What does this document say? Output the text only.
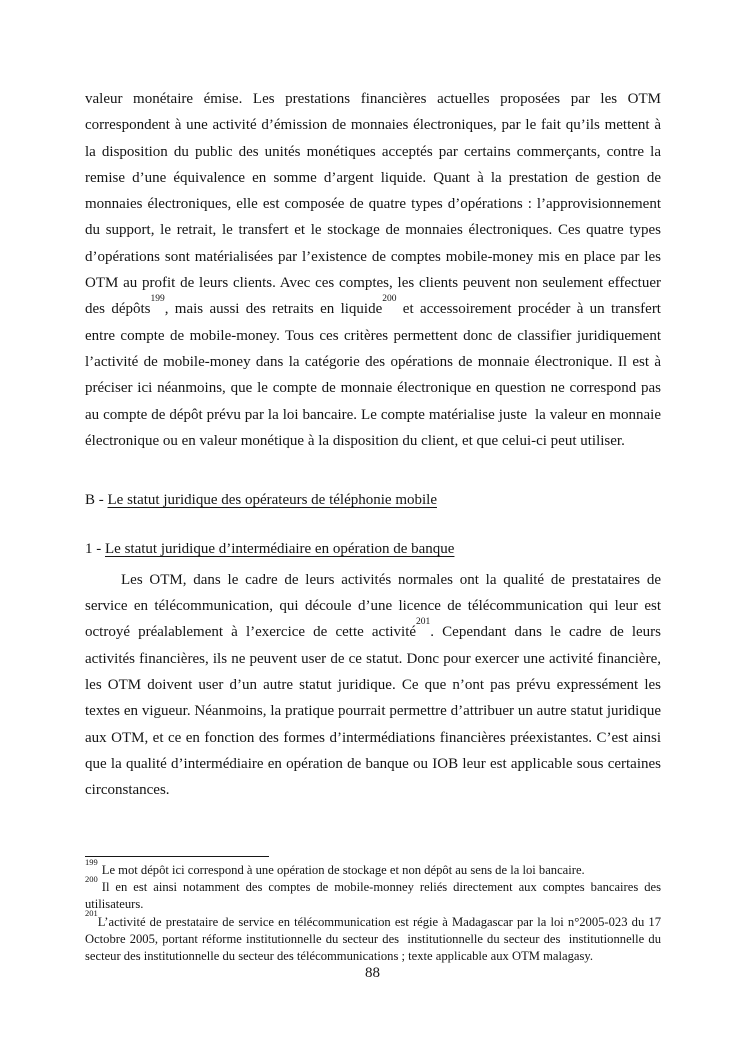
valeur monétaire émise. Les prestations financières actuelles proposées par les OTM correspondent à une activité d’émission de monnaies électroniques, par le fait qu’ils mettent à la disposition du public des unités monétiques acceptés par certains commerçants, contre la remise d’une équivalence en somme d’argent liquide. Quant à la prestation de gestion de monnaies électroniques, elle est composée de quatre types d’opérations : l’approvisionnement du support, le retrait, le transfert et le stockage de monnaies électroniques. Ces quatre types d’opérations sont matérialisées par l’existence de comptes mobile-money mis en place par les OTM au profit de leurs clients. Avec ces comptes, les clients peuvent non seulement effectuer des dépôts$^{199}$, mais aussi des retraits en liquide$^{200}$ et accessoirement procéder à un transfert entre compte de mobile-money. Tous ces critères permettent donc de classifier juridiquement l’activité de mobile-money dans la catégorie des opérations de monnaie électronique. Il est à préciser ici néanmoins, que le compte de monnaie électronique en question ne correspond pas au compte de dépôt prévu par la loi bancaire. Le compte matérialise juste  la valeur en monnaie électronique ou en valeur monétique à la disposition du client, et que celui-ci peut utiliser.

B - Le statut juridique des opérateurs de téléphonie mobile

1 - Le statut juridique d’intermédiaire en opération de banque

Les OTM, dans le cadre de leurs activités normales ont la qualité de prestataires de service en télécommunication, qui découle d’une licence de télécommunication qui leur est octroyé préalablement à l’exercice de cette activité$^{201}$. Cependant dans le cadre de leurs activités financières, ils ne peuvent user de ce statut. Donc pour exercer une activité financière, les OTM doivent user d’un autre statut juridique. Ce que n’ont pas prévu expressément les textes en vigueur. Néanmoins, la pratique pourrait permettre d’attribuer un autre statut juridique aux OTM, et ce en fonction des formes d’intermédiations financières préexistantes. C’est ainsi que la qualité d’intermédiaire en opération de banque ou IOB leur est applicable sous certaines circonstances.

$^{199}$Le mot dépôt ici correspond à une opération de stockage et non dépôt au sens de la loi bancaire.

$^{200}$Il en est ainsi notamment des comptes de mobile-monney reliés directement aux comptes bancaires des utilisateurs.

$^{201}$L’activité de prestataire de service en télécommunication est régie à Madagascar par la loi n°2005-023 du 17 Octobre 2005, portant réforme institutionnelle du secteur des  institutionnelle du secteur des  institutionnelle du secteur des institutionnelle du secteur des télécommunications ; texte applicable aux OTM malagasy.

88
